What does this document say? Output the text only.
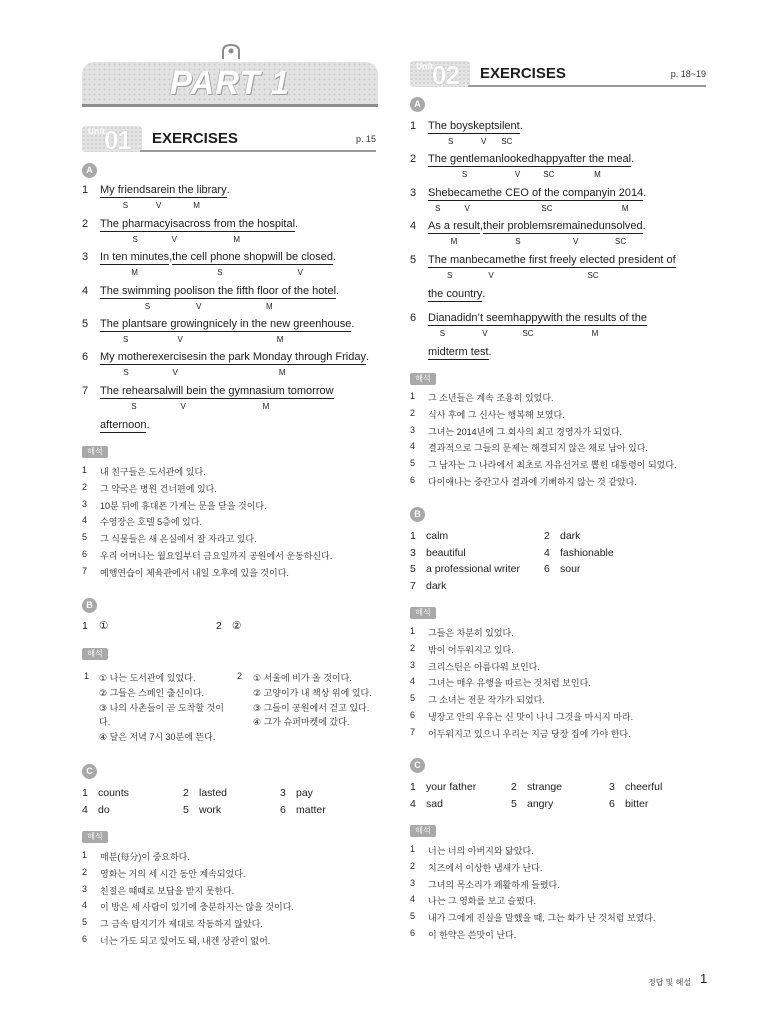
PART 1
Unit
01 EXERCISES	p. 15
A
1	My friends
S
are
V
in the library
M
.
2	The pharmacy
S
is
V
across from the hospital
M
.
3	In ten minutes
M
,the cell phone shop
S
will be closed
V
.
4	The swimming pool
S
is
V
on the fifth floor of the hotel
M
.
5	The plants
S
are growing
V
nicely in the new greenhouse
M
.
6	My mother
S
exercises
V
in the park Monday through Friday
M
.
7	The rehearsal
S
will be
V
in the gymnasium tomorrow
M
afternoon.
해석
1 내 친구들은 도서관에 있다.
2 그 약국은 병원 건너편에 있다.
3 10분 뒤에 휴대폰 가게는 문을 닫을 것이다.
4 수영장은 호텔 5층에 있다.
5 그 식물들은 새 온실에서 잘 자라고 있다.
6 우리 어머니는 월요일부터 금요일까지 공원에서 운동하신다.
7 예행연습이 체육관에서 내일 오후에 있을 것이다.
B
1 ①	2 ②
해석
1 ① 나는 도서관에 있었다.
② 그들은 스페인 출신이다.
③ 나의 사촌들이 곧 도착할 것이
다.
④ 달은 저녁 7시 30분에 뜬다.
2 ① 서울에 비가 올 것이다.
② 고양이가 내 책상 위에 있다.
③ 그들이 공원에서 걷고 있다.
④ 그가 슈퍼마켓에 갔다.
C
1 counts	2 lasted	3 pay
4 do	5 work	6 matter
해석
1 매분(每分)이 중요하다.
2 영화는 거의 세 시간 동안 계속되었다.
3 친절은 때때로 보답을 받지 못한다.
4 이 방은 세 사람이 있기에 충분하지는 않을 것이다.
5 그 금속 탐지기가 제대로 작동하지 않았다.
6 너는 가도 되고 있어도 돼, 내겐 상관이 없어.
Unit
02 EXERCISES	p. 18~19
A
1	The boys
S
kept
V
silent
SC
.
2	The gentleman
S
looked
V
happy
SC
after the meal
M
.
3	She
S
became
V
the CEO of the company
SC
in 2014
M
.
4	As a result
M
,their problems
S
remained
V
unsolved
SC
.
5	The man
S
became
V
the first freely elected president of
SC
the country.
6	Diana
S
didn’t seem
V
happy
SC
with the results of the
M
midterm test.
해석
1 그 소년들은 계속 조용히 있었다.
2 식사 후에 그 신사는 행복해 보였다.
3 그녀는 2014년에 그 회사의 최고 경영자가 되었다.
4 결과적으로 그들의 문제는 해결되지 않은 채로 남아 있다.
5 그 남자는 그 나라에서 최초로 자유선거로 뽑힌 대통령이 되었다.
6 다이애나는 중간고사 결과에 기뻐하지 않는 것 같았다.
B
1 calm	2 dark
3 beautiful	4 fashionable
5 a professional writer 6 sour
7 dark
해석
1 그들은 차분히 있었다.
2 밖이 어두워지고 있다.
3 크리스틴은 아름다워 보인다.
4 그녀는 매우 유행을 따르는 것처럼 보인다.
5 그 소녀는 전문 작가가 되었다.
6 냉장고 안의 우유는 신 맛이 나니 그것을 마시지 마라.
7 어두워지고 있으니 우리는 지금 당장 집에 가야 한다.
C
1 your father	2 strange	3 cheerful
4 sad	5 angry	6 bitter
해석
1 너는 너의 아버지와 닮았다.
2 치즈에서 이상한 냄새가 난다.
3 그녀의 목소리가 쾌활하게 들렸다.
4 나는 그 영화를 보고 슬펐다.
5 내가 그에게 진실을 말했을 때, 그는 화가 난 것처럼 보였다.
6 이 한약은 쓴맛이 난다.
정답 및 해설 1
